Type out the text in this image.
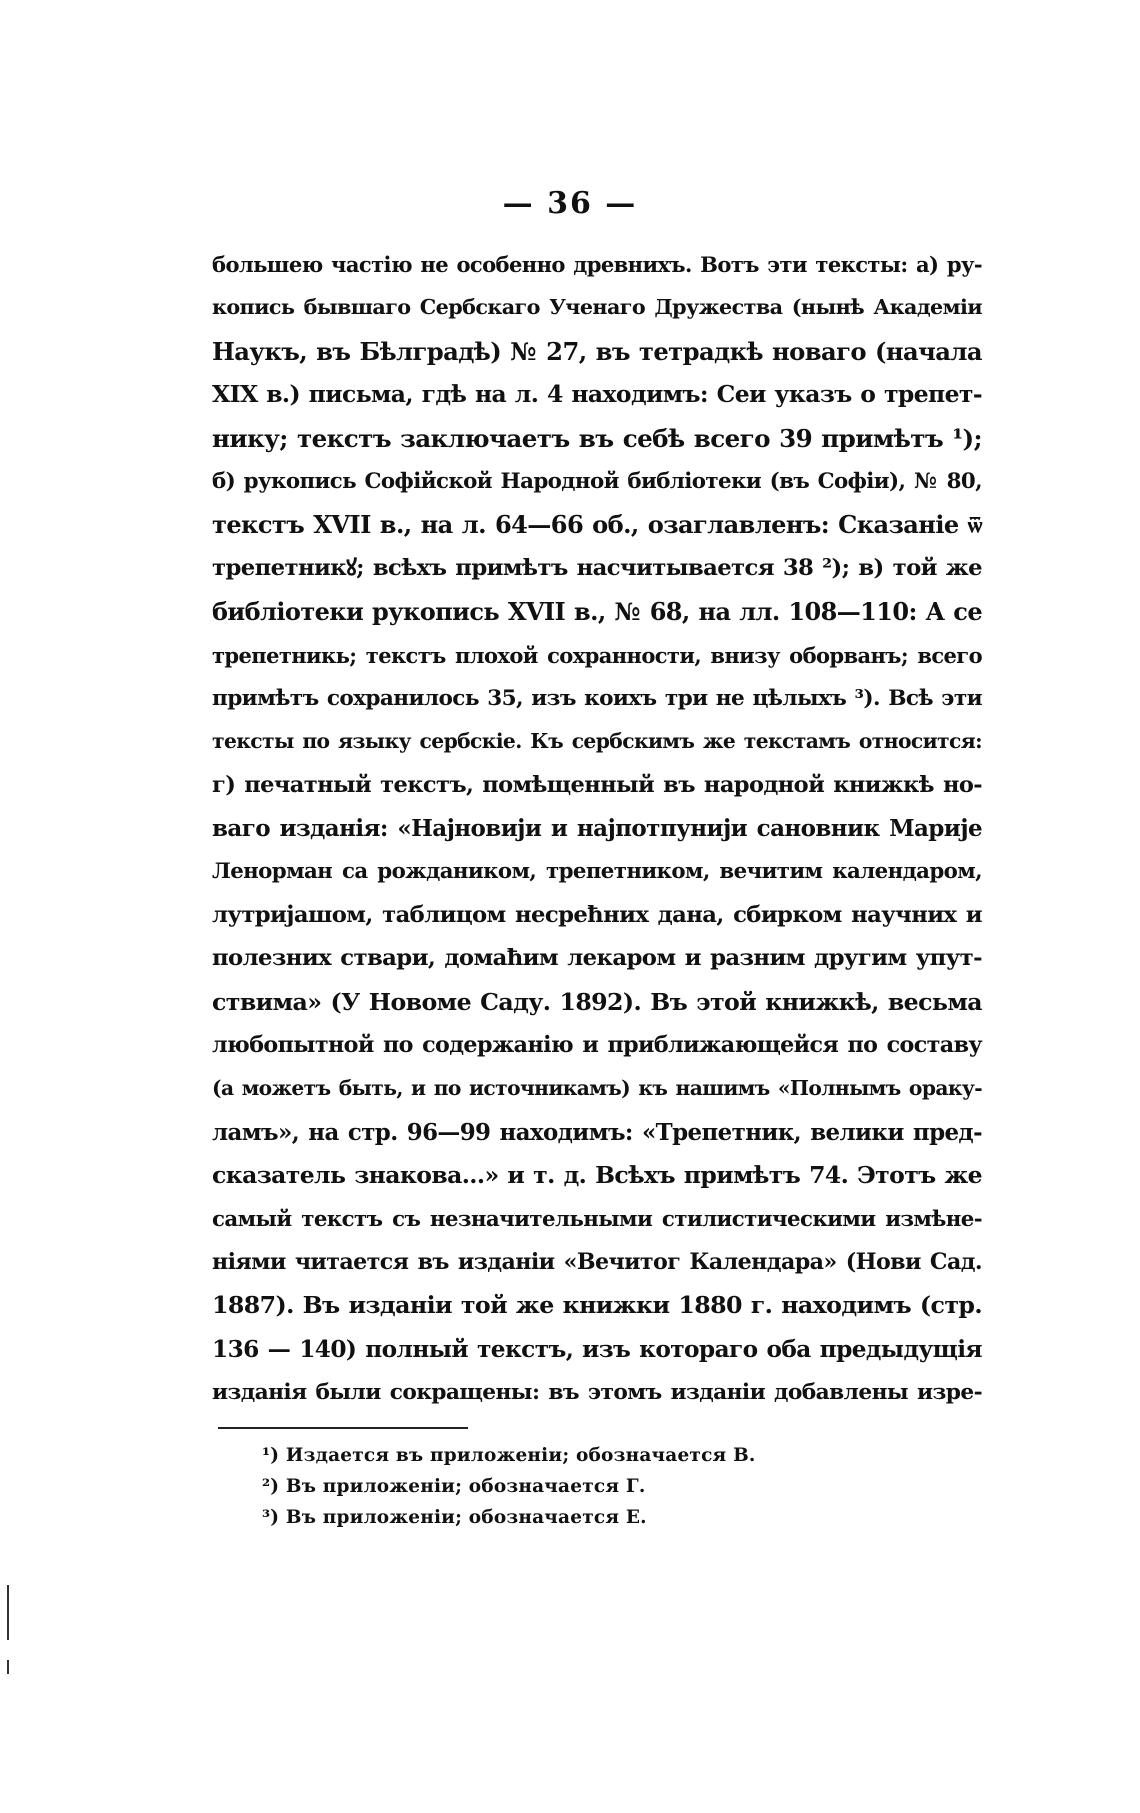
— 36 —
большею частію не особенно древнихъ. Вотъ эти тексты: а) ру-
копись бывшаго Сербскаго Ученаго Дружества (нынѣ Академіи
Наукъ, въ Бѣлградѣ) № 27, въ тетрадкѣ новаго (начала
XIX в.) письма, гдѣ на л. 4 находимъ: Сеи указъ о трепет-
нику; текстъ заключаетъ въ себѣ всего 39 примѣтъ ¹);
б) рукопись Софійской Народной библіотеки (въ Софіи), № 80,
текстъ XVII в., на л. 64—66 об., озаглавленъ: Сказаніе ѿ
трепетникꙋ; всѣхъ примѣтъ насчитывается 38 ²); в) той же
библіотеки рукопись XVII в., № 68, на лл. 108—110: А се
трепетникь; текстъ плохой сохранности, внизу оборванъ; всего
примѣтъ сохранилось 35, изъ коихъ три не цѣлыхъ ³). Всѣ эти
тексты по языку сербскіе. Къ сербскимъ же текстамъ относится:
г) печатный текстъ, помѣщенный въ народной книжкѣ но-
ваго изданія: «Најновији и најпотпунији сановник Марије
Ленорман са рождаником, трепетником, вечитим календаром,
лутријашом, таблицом несреħних дана, сбирком научних и
полезних ствари, домаħим лекаром и разним другим упут-
ствима» (У Новоме Саду. 1892). Въ этой книжкѣ, весьма
любопытной по содержанію и приближающейся по составу
(а можетъ быть, и по источникамъ) къ нашимъ «Полнымъ ораку-
ламъ», на стр. 96—99 находимъ: «Трепетник, велики пред-
сказатель знакова...» и т. д. Всѣхъ примѣтъ 74. Этотъ же
самый текстъ съ незначительными стилистическими измѣне-
ніями читается въ изданіи «Вечитог Календара» (Нови Сад.
1887). Въ изданіи той же книжки 1880 г. находимъ (стр.
136 — 140) полный текстъ, изъ котораго оба предыдущія
изданія были сокращены: въ этомъ изданіи добавлены изре-
¹) Издается въ приложеніи; обозначается В.
²) Въ приложеніи; обозначается Г.
³) Въ приложеніи; обозначается Е.
